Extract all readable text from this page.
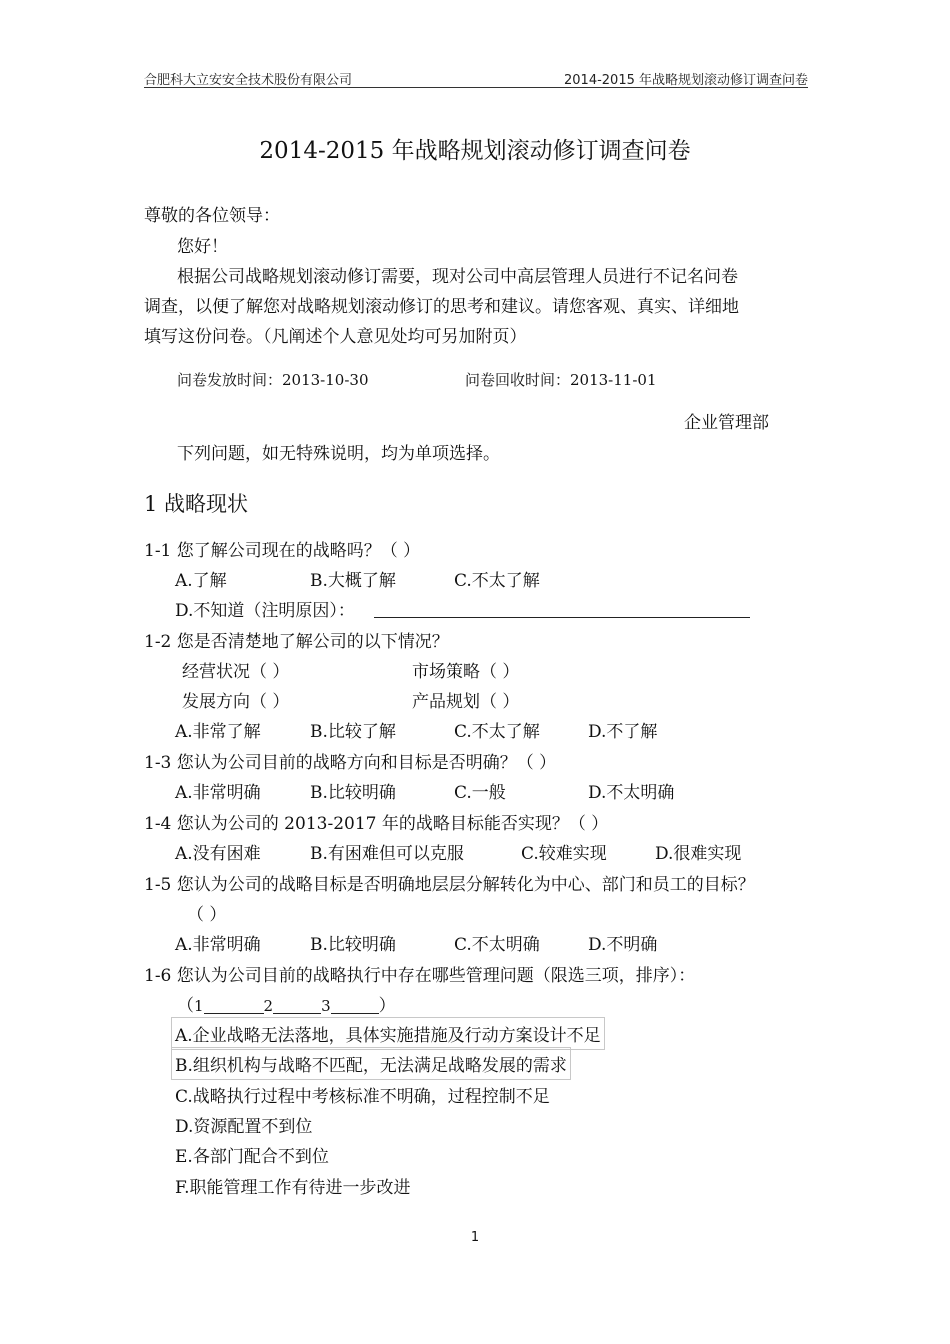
合肥科大立安安全技术股份有限公司	2014-2015 年战略规划滚动修订调查问卷
2014-2015 年战略规划滚动修订调查问卷
尊敬的各位领导：
您好！
根据公司战略规划滚动修订需要，现对公司中高层管理人员进行不记名问卷
调查，以便了解您对战略规划滚动修订的思考和建议。请您客观、真实、详细地
填写这份问卷。（凡阐述个人意见处均可另加附页）
问卷发放时间：2013-10-30	问卷回收时间：2013-11-01
企业管理部
下列问题，如无特殊说明，均为单项选择。
1 战略现状
1-1 您了解公司现在的战略吗？（ ）
A.了解	B.大概了解	C.不太了解
D.不知道（注明原因）：
1-2 您是否清楚地了解公司的以下情况？
经营状况（ ）	市场策略（ ）
发展方向（ ）	产品规划（ ）
A.非常了解	B.比较了解	C.不太了解	D.不了解
1-3 您认为公司目前的战略方向和目标是否明确？（ ）
A.非常明确	B.比较明确	C.一般	D.不太明确
1-4 您认为公司的 2013-2017 年的战略目标能否实现？（ ）
A.没有困难	B.有困难但可以克服	C.较难实现	D.很难实现
1-5 您认为公司的战略目标是否明确地层层分解转化为中心、部门和员工的目标？
（ ）
A.非常明确	B.比较明确	C.不太明确	D.不明确
1-6 您认为公司目前的战略执行中存在哪些管理问题（限选三项，排序）：
（1	2	3	）
A.企业战略无法落地，具体实施措施及行动方案设计不足
B.组织机构与战略不匹配，无法满足战略发展的需求
C.战略执行过程中考核标准不明确，过程控制不足
D.资源配置不到位
E.各部门配合不到位
F.职能管理工作有待进一步改进
1
